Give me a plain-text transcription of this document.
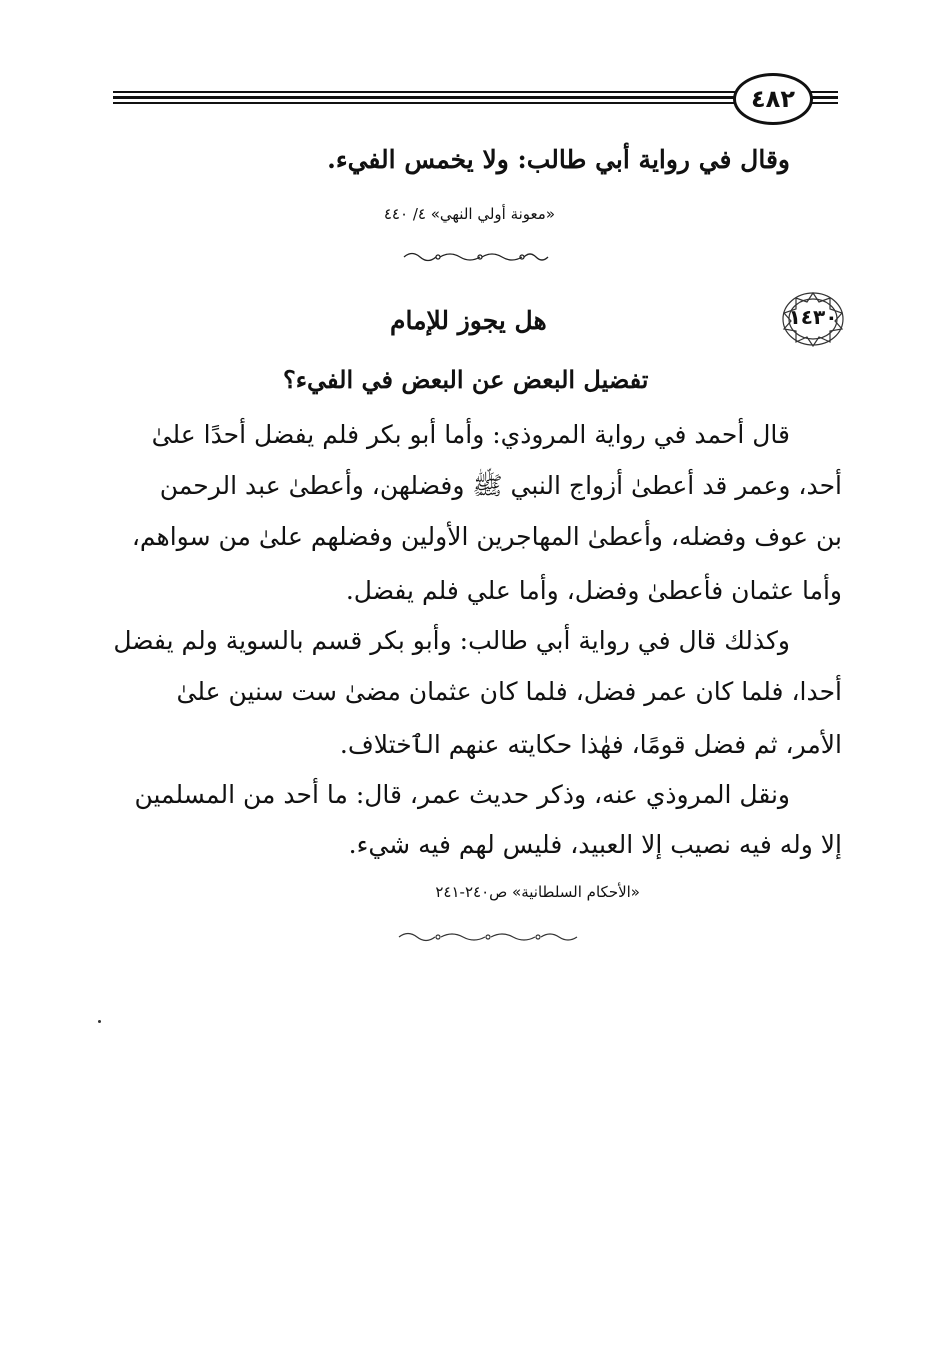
٤٨٢
وقال في رواية أبي طالب: ولا يخمس الفيء.
«معونة أولي النهي» ٤/ ٤٤٠
١٤٣٠
هل يجوز للإمام
تفضيل البعض عن البعض في الفيء؟
قال أحمد في رواية المروذي: وأما أبو بكر فلم يفضل أحدًا علىٰ
أحد، وعمر قد أعطىٰ أزواج النبي ﷺ وفضلهن، وأعطىٰ عبد الرحمن
بن عوف وفضله، وأعطىٰ المهاجرين الأولين وفضلهم علىٰ من سواهم،
وأما عثمان فأعطىٰ وفضل، وأما علي فلم يفضل.
وكذلك قال في رواية أبي طالب: وأبو بكر قسم بالسوية ولم يفضل
أحدا، فلما كان عمر فضل، فلما كان عثمان مضىٰ ست سنين علىٰ
الأمر، ثم فضل قومًا، فهٰذا حكايته عنهم الٱختلاف.
ونقل المروذي عنه، وذكر حديث عمر، قال: ما أحد من المسلمين
إلا وله فيه نصيب إلا العبيد، فليس لهم فيه شيء.
«الأحكام السلطانية» ص٢٤٠-٢٤١
